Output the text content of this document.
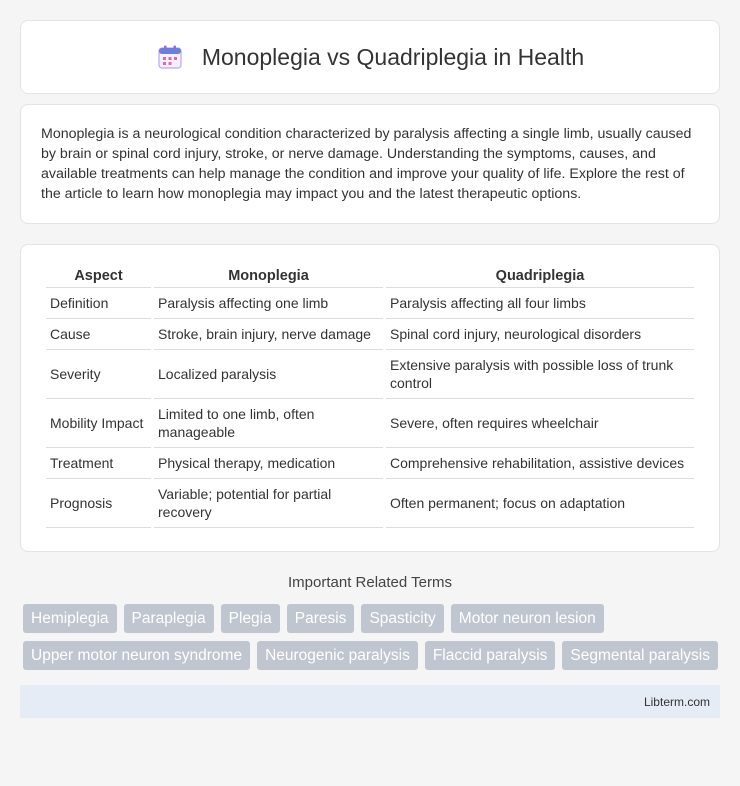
Monoplegia vs Quadriplegia in Health
Monoplegia is a neurological condition characterized by paralysis affecting a single limb, usually caused by brain or spinal cord injury, stroke, or nerve damage. Understanding the symptoms, causes, and available treatments can help manage the condition and improve your quality of life. Explore the rest of the article to learn how monoplegia may impact you and the latest therapeutic options.
Aspect	Monoplegia	Quadriplegia
Definition	Paralysis affecting one limb	Paralysis affecting all four limbs
Cause	Stroke, brain injury, nerve damage	Spinal cord injury, neurological disorders
Severity	Localized paralysis	Extensive paralysis with possible loss of trunk control
Mobility Impact	Limited to one limb, often manageable	Severe, often requires wheelchair
Treatment	Physical therapy, medication	Comprehensive rehabilitation, assistive devices
Prognosis	Variable; potential for partial recovery	Often permanent; focus on adaptation
Important Related Terms
Hemiplegia	Paraplegia	Plegia	Paresis	Spasticity	Motor neuron lesion
Upper motor neuron syndrome	Neurogenic paralysis	Flaccid paralysis	Segmental paralysis
Libterm.com
